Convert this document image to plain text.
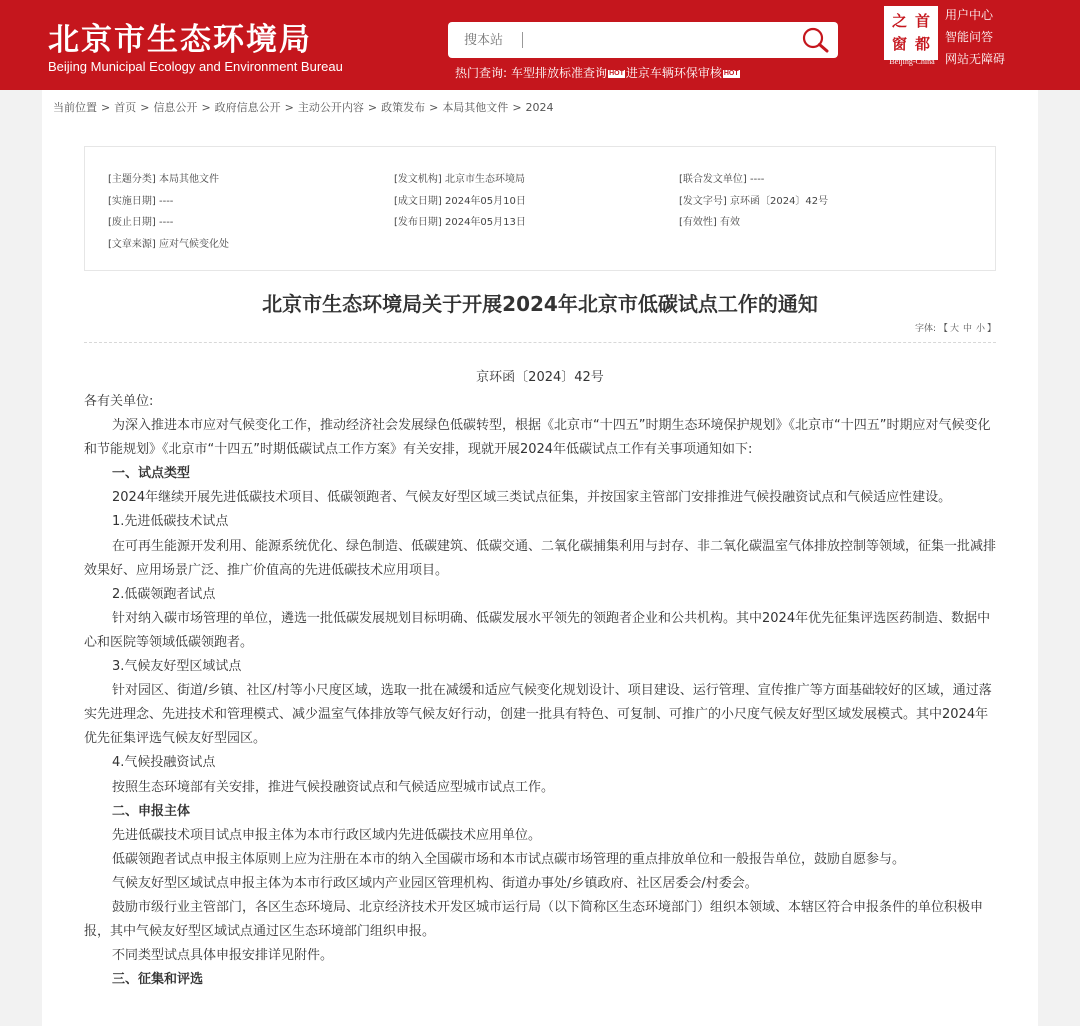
北京市生态环境局
Beijing Municipal Ecology and Environment Bureau
搜本站	热门查询: 车型排放标准查询 HOT 进京车辆环保审核 HOT
之 首
窗 都
Beijing-China
用户中心
智能问答
网站无障碍
当前位置 > 首页 > 信息公开 > 政府信息公开 > 主动公开内容 > 政策发布 > 本局其他文件 > 2024
[主题分类] 本局其他文件	[发文机构] 北京市生态环境局	[联合发文单位] ----
[实施日期] ----	[成文日期] 2024年05月10日	[发文字号] 京环函〔2024〕42号
[废止日期] ----	[发布日期] 2024年05月13日	[有效性] 有效
[文章来源] 应对气候变化处
北京市生态环境局关于开展2024年北京市低碳试点工作的通知
字体: 【 大 中 小 】
京环函〔2024〕42号

各有关单位:

为深入推进本市应对气候变化工作，推动经济社会发展绿色低碳转型，根据《北京市“十四五”时期生态环境保护规划》《北京市“十四五”时期应对气候变化和节能规划》《北京市“十四五”时期低碳试点工作方案》有关安排，现就开展2024年低碳试点工作有关事项通知如下:

一、试点类型

2024年继续开展先进低碳技术项目、低碳领跑者、气候友好型区域三类试点征集，并按国家主管部门安排推进气候投融资试点和气候适应性建设。

1.先进低碳技术试点

在可再生能源开发利用、能源系统优化、绿色制造、低碳建筑、低碳交通、二氧化碳捕集利用与封存、非二氧化碳温室气体排放控制等领域，征集一批减排效果好、应用场景广泛、推广价值高的先进低碳技术应用项目。

2.低碳领跑者试点

针对纳入碳市场管理的单位，遴选一批低碳发展规划目标明确、低碳发展水平领先的领跑者企业和公共机构。其中2024年优先征集评选医药制造、数据中心和医院等领域低碳领跑者。

3.气候友好型区域试点

针对园区、街道/乡镇、社区/村等小尺度区域，选取一批在减缓和适应气候变化规划设计、项目建设、运行管理、宣传推广等方面基础较好的区域，通过落实先进理念、先进技术和管理模式、减少温室气体排放等气候友好行动，创建一批具有特色、可复制、可推广的小尺度气候友好型区域发展模式。其中2024年优先征集评选气候友好型园区。

4.气候投融资试点

按照生态环境部有关安排，推进气候投融资试点和气候适应型城市试点工作。

二、申报主体

先进低碳技术项目试点申报主体为本市行政区域内先进低碳技术应用单位。

低碳领跑者试点申报主体原则上应为注册在本市的纳入全国碳市场和本市试点碳市场管理的重点排放单位和一般报告单位，鼓励自愿参与。

气候友好型区域试点申报主体为本市行政区域内产业园区管理机构、街道办事处/乡镇政府、社区居委会/村委会。

鼓励市级行业主管部门，各区生态环境局、北京经济技术开发区城市运行局（以下简称区生态环境部门）组织本领域、本辖区符合申报条件的单位积极申报，其中气候友好型区域试点通过区生态环境部门组织申报。

不同类型试点具体申报安排详见附件。

三、征集和评选
